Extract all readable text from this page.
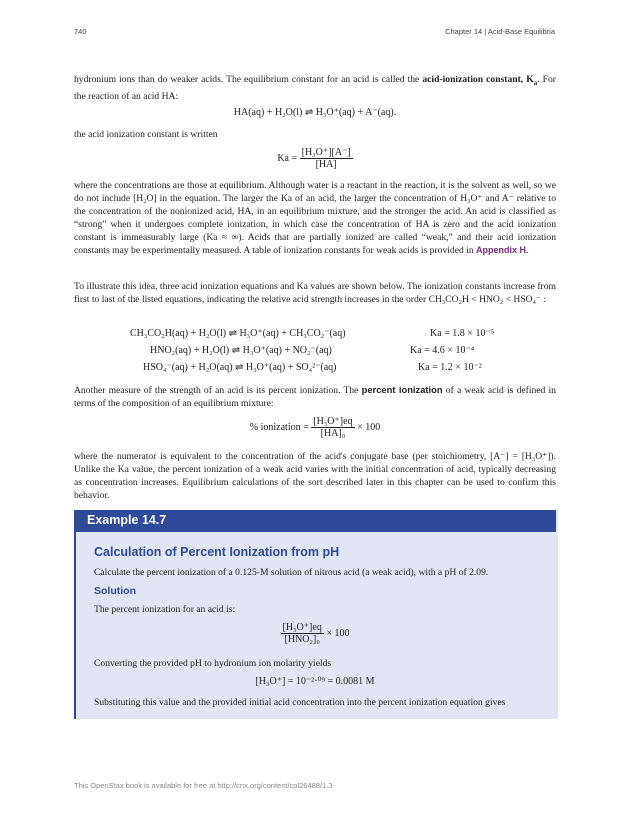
740	Chapter 14 | Acid-Base Equilibria
hydronium ions than do weaker acids. The equilibrium constant for an acid is called the acid-ionization constant, $K_a$. For the reaction of an acid HA:
HA(aq) + H₂O(l) ⇌ H₃O⁺(aq) + A⁻(aq).
the acid ionization constant is written
$Ka = \frac{\text{[H₃O⁺][A⁻]}}{[HA]}$
where the concentrations are those at equilibrium. Although water is a reactant in the reaction, it is the solvent as well, so we do not include [H₂O] in the equation. The larger the Ka of an acid, the larger the concentration of H₃O⁺ and A⁻ relative to the concentration of the nonionized acid, HA, in an equilibrium mixture, and the stronger the acid. An acid is classified as “strong” when it undergoes complete ionization, in which case the concentration of HA is zero and the acid ionization constant is immeasurably large (Ka ≈ ∞). Acids that are partially ionized are called “weak,” and their acid ionization constants may be experimentally measured. A table of ionization constants for weak acids is provided in Appendix H.
To illustrate this idea, three acid ionization equations and Ka values are shown below. The ionization constants increase from first to last of the listed equations, indicating the relative acid strength increases in the order CH₃CO₂H < HNO₂ < HSO₄⁻ :
CH₃CO₂H(aq) + H₂O(l) ⇌ H₃O⁺(aq) + CH₃CO₂⁻(aq)	Ka = 1.8 × 10⁻⁵
HNO₂(aq) + H₂O(l) ⇌ H₃O⁺(aq) + NO₂⁻(aq)	Ka = 4.6 × 10⁻⁴
HSO₄⁻(aq) + H₂O(aq) ⇌ H₃O⁺(aq) + SO₄²⁻(aq)	Ka = 1.2 × 10⁻²
Another measure of the strength of an acid is its percent ionization. The percent ionization of a weak acid is defined in terms of the composition of an equilibrium mixture:
% ionization = $\frac{\text{[H₃O⁺]eq}}{\text{[HA]₀}} \times 100$
where the numerator is equivalent to the concentration of the acid's conjugate base (per stoichiometry, [A⁻] = [H₃O⁺]). Unlike the Ka value, the percent ionization of a weak acid varies with the initial concentration of acid, typically decreasing as concentration increases. Equilibrium calculations of the sort described later in this chapter can be used to confirm this behavior.
Example 14.7
Calculation of Percent Ionization from pH
Calculate the percent ionization of a 0.125-M solution of nitrous acid (a weak acid), with a pH of 2.09.
Solution
The percent ionization for an acid is:
$\frac{\text{[H₃O⁺]eq}}{\text{[HNO₂]₀}} \times 100$
Converting the provided pH to hydronium ion molarity yields
[H₃O⁺] = 10⁻²·⁰⁹ = 0.0081 M
Substituting this value and the provided initial acid concentration into the percent ionization equation gives
This OpenStax book is available for free at http://cnx.org/content/col26488/1.3
